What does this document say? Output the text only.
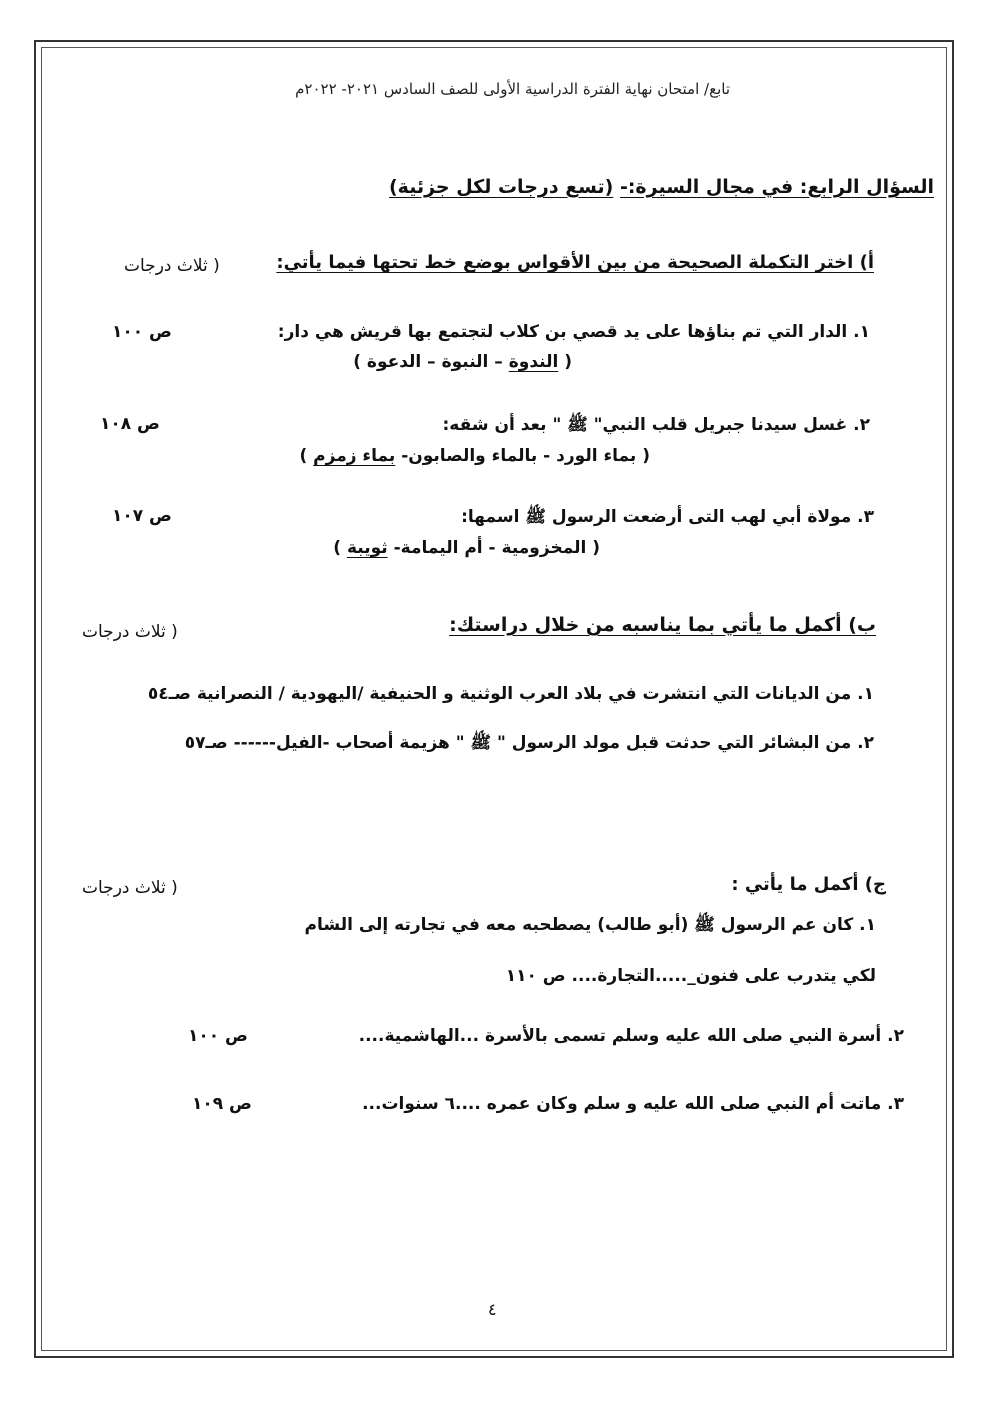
تابع/ امتحان نهاية الفترة الدراسية الأولى للصف السادس ٢٠٢١- ٢٠٢٢م
السؤال الرابع: في مجال السيرة:- (تسع درجات لكل جزئية)
أ) اختر التكملة الصحيحة من بين الأقواس بوضع خط تحتها فيما يأتي:
( ثلاث درجات
١. الدار التي تم بناؤها على يد قصي بن كلاب لتجتمع بها قريش هي دار:
ص ١٠٠
( الندوة – النبوة – الدعوة )
٢. غسل سيدنا جبريل قلب النبي" ﷺ " بعد أن شقه:
ص ١٠٨
( بماء الورد - بالماء والصابون- بماء زمزم )
٣. مولاة أبي لهب التى أرضعت الرسول ﷺ اسمها:
ص ١٠٧
( المخزومية - أم اليمامة- ثويبة )
ب) أكمل ما يأتي بما يناسبه من خلال دراستك:
( ثلاث درجات
١. من الديانات التي انتشرت في بلاد العرب الوثنية و الحنيفية /اليهودية / النصرانية صـ٥٤
٢. من البشائر التي حدثت قبل مولد الرسول " ﷺ " هزيمة أصحاب -الفيل------ صـ٥٧
ج) أكمل ما يأتي :
( ثلاث درجات
١. كان عم الرسول ﷺ (أبو طالب) يصطحبه معه في تجارته إلى الشام
لكي يتدرب على فنون_.....التجارة.... ص ١١٠
٢. أسرة النبي صلى الله عليه وسلم تسمى بالأسرة ...الهاشمية....
ص ١٠٠
٣. ماتت أم النبي صلى الله عليه و سلم وكان عمره ....٦ سنوات...
ص ١٠٩
٤
